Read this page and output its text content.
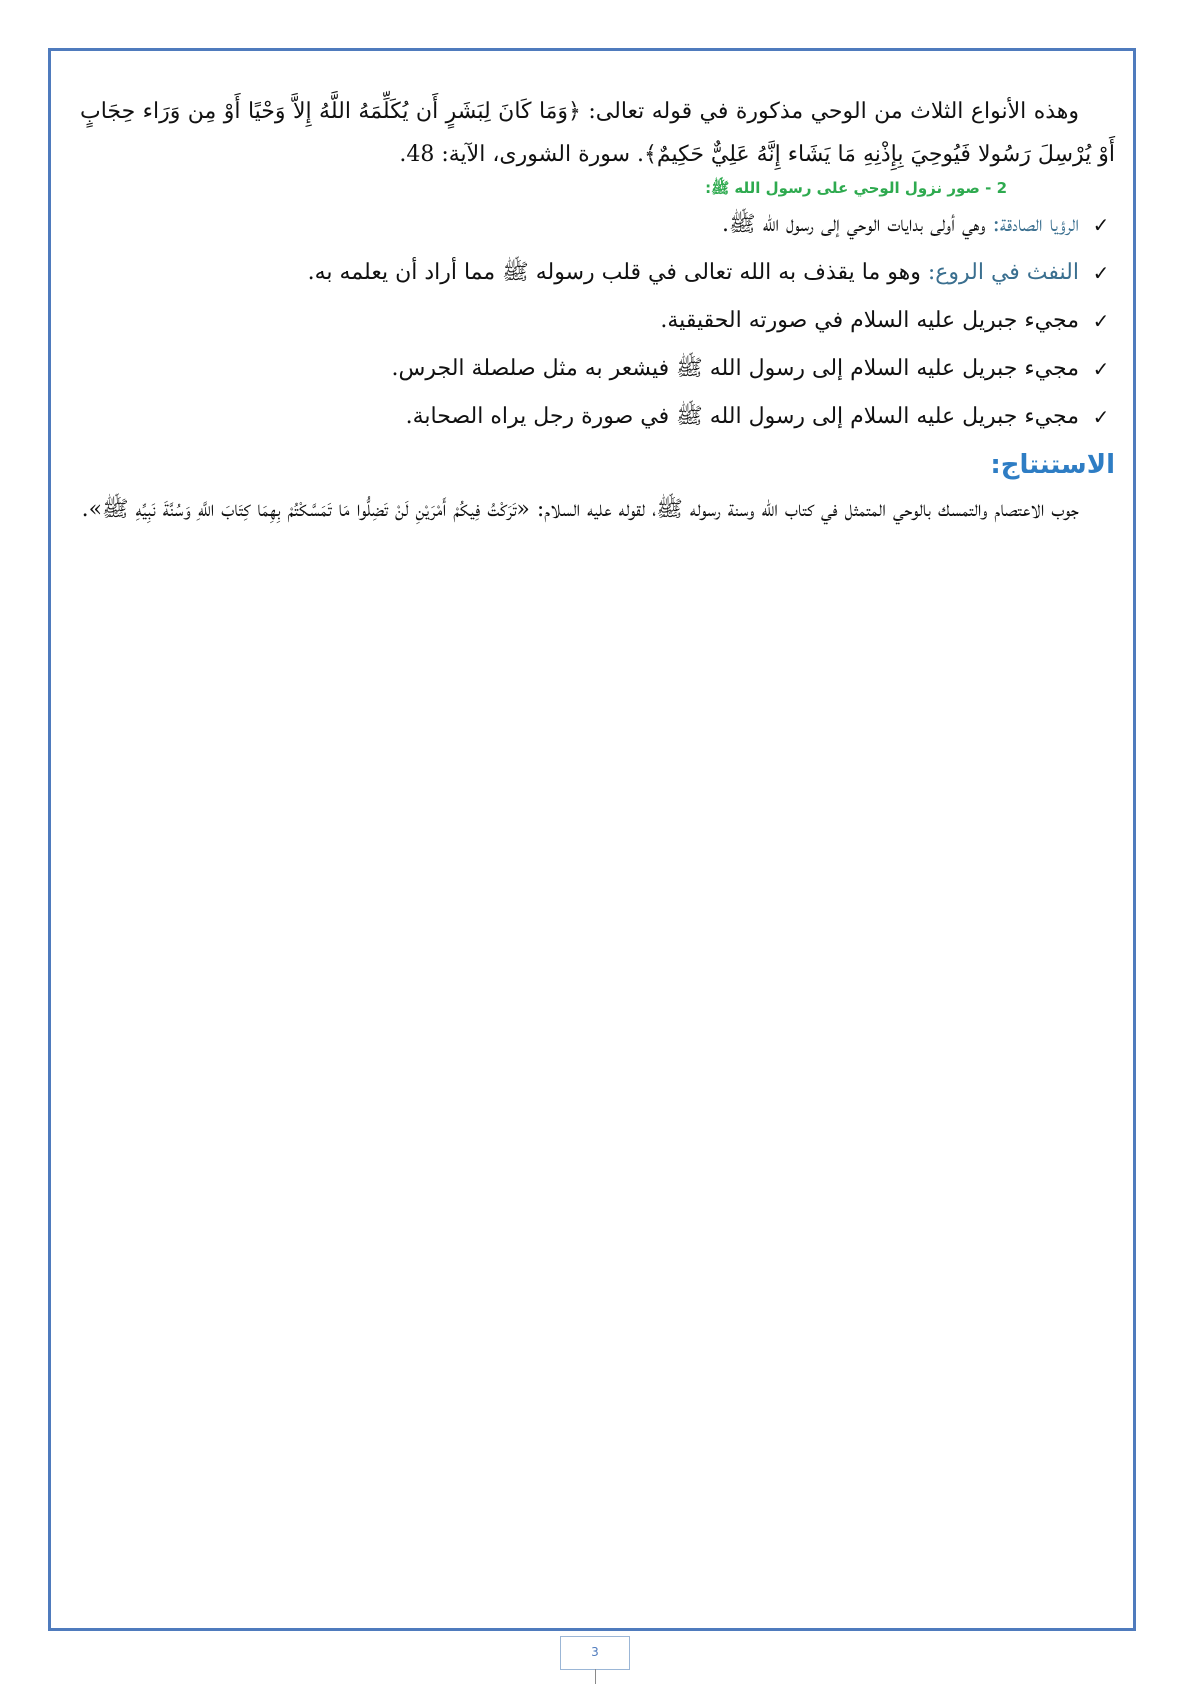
وهذه الأنواع الثلاث من الوحي مذكورة في قوله تعالى: ﴿وَمَا كَانَ لِبَشَرٍ أَن يُكَلِّمَهُ اللَّهُ إِلاَّ وَحْيًا أَوْ مِن وَرَاء حِجَابٍ أَوْ يُرْسِلَ رَسُولا فَيُوحِيَ بِإِذْنِهِ مَا يَشَاء إِنَّهُ عَلِيٌّ حَكِيمٌ﴾. سورة الشورى، الآية: 48.

2 - صور نزول الوحي على رسول الله ﷺ:
✓
الرؤيا الصادقة: وهي أولى بدايات الوحي إلى رسول الله ﷺ.
✓
النفث في الروع: وهو ما يقذف به الله تعالى في قلب رسوله ﷺ مما أراد أن يعلمه به.
✓
مجيء جبريل عليه السلام في صورته الحقيقية.
✓
مجيء جبريل عليه السلام إلى رسول الله ﷺ فيشعر به مثل صلصلة الجرس.
✓
مجيء جبريل عليه السلام إلى رسول الله ﷺ في صورة رجل يراه الصحابة.
الاستنتاج:

جوب الاعتصام والتمسك بالوحي المتمثل في كتاب الله وسنة رسوله ﷺ، لقوله عليه السلام: «تَرَكْتُ فِيكُمْ أَمْرَيْنِ لَنْ تَضِلُّوا مَا تَمَسَّكْتُمْ بِهِمَا كِتَابَ اللَّهِ وَسُنَّةَ نَبِيِّهِ ﷺ».

3
